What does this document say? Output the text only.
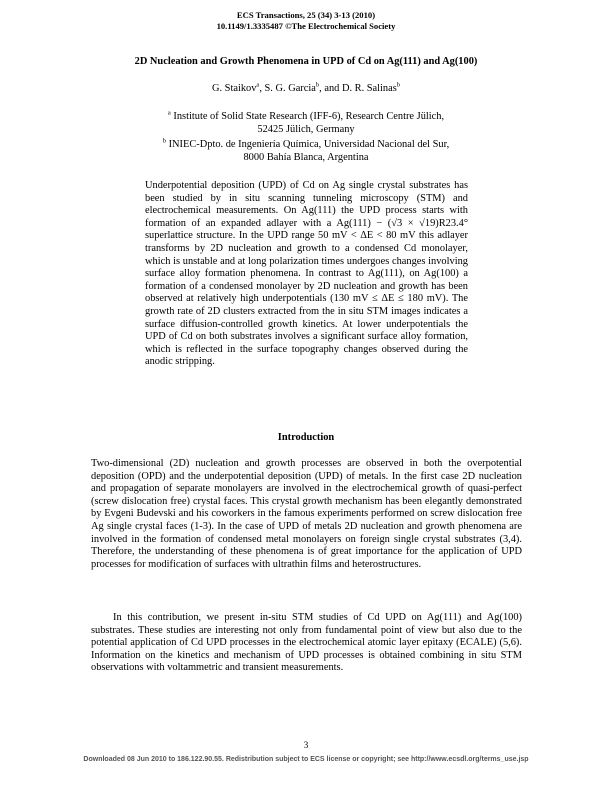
ECS Transactions, 25 (34) 3-13 (2010)
10.1149/1.3335487 ©The Electrochemical Society
2D Nucleation and Growth Phenomena in UPD of Cd on Ag(111) and Ag(100)
G. Staikov$^a$, S. G. Garcia$^b$, and D. R. Salinas$^b$
$^a$ Institute of Solid State Research (IFF-6), Research Centre Jülich,
52425 Jülich, Germany
$^b$ INIEC-Dpto. de Ingeniería Química, Universidad Nacional del Sur,
8000 Bahía Blanca, Argentina

Underpotential deposition (UPD) of Cd on Ag single crystal substrates has been studied by in situ scanning tunneling microscopy (STM) and electrochemical measurements. On Ag(111) the UPD process starts with formation of an expanded adlayer with a Ag(111) − (√3 × √19)R23.4° superlattice structure. In the UPD range 50 mV < ΔE < 80 mV this adlayer transforms by 2D nucleation and growth to a condensed Cd monolayer, which is unstable and at long polarization times undergoes changes involving surface alloy formation phenomena. In contrast to Ag(111), on Ag(100) a formation of a condensed monolayer by 2D nucleation and growth has been observed at relatively high underpotentials (130 mV ≤ ΔE ≤ 180 mV). The growth rate of 2D clusters extracted from the in situ STM images indicates a surface diffusion-controlled growth kinetics. At lower underpotentials the UPD of Cd on both substrates involves a significant surface alloy formation, which is reflected in the surface topography changes observed during the anodic stripping.

Introduction

Two-dimensional (2D) nucleation and growth processes are observed in both the overpotential deposition (OPD) and the underpotential deposition (UPD) of metals. In the first case 2D nucleation and propagation of separate monolayers are involved in the electrochemical growth of quasi-perfect (screw dislocation free) crystal faces. This crystal growth mechanism has been elegantly demonstrated by Evgeni Budevski and his coworkers in the famous experiments performed on screw dislocation free Ag single crystal faces (1-3). In the case of UPD of metals 2D nucleation and growth phenomena are involved in the formation of condensed metal monolayers on foreign single crystal substrates (3,4). Therefore, the understanding of these phenomena is of great importance for the application of UPD processes for modification of surfaces with ultrathin films and heterostructures.

In this contribution, we present in-situ STM studies of Cd UPD on Ag(111) and Ag(100) substrates. These studies are interesting not only from fundamental point of view but also due to the potential application of Cd UPD processes in the electrochemical atomic layer epitaxy (ECALE) (5,6). Information on the kinetics and mechanism of UPD processes is obtained combining in situ STM observations with voltammetric and transient measurements.

3
Downloaded 08 Jun 2010 to 186.122.90.55. Redistribution subject to ECS license or copyright; see http://www.ecsdl.org/terms_use.jsp
